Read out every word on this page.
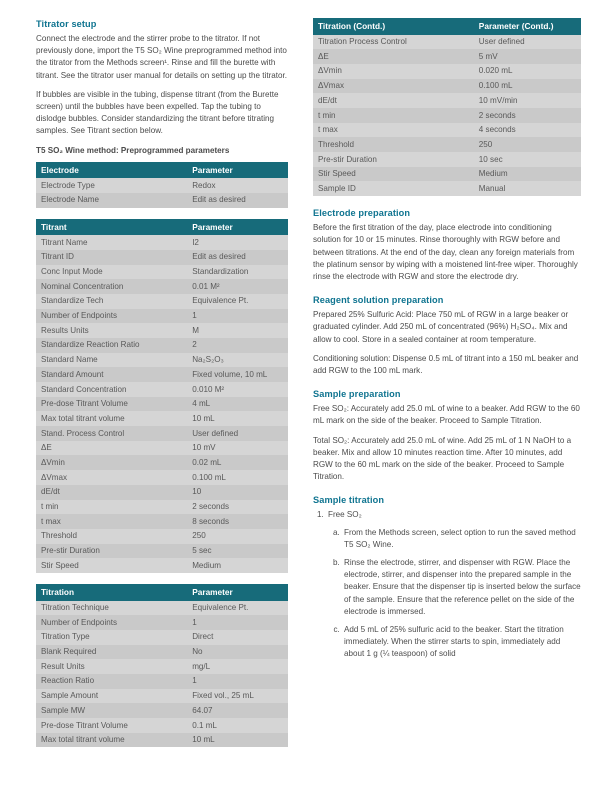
Titrator setup

Connect the electrode and the stirrer probe to the titrator. If not previously done, import the T5 SO₂ Wine preprogrammed method into the titrator from the Methods screen¹. Rinse and fill the burette with titrant. See the titrator user manual for details on setting up the titrator.

If bubbles are visible in the tubing, dispense titrant (from the Burette screen) until the bubbles have been expelled. Tap the tubing to dislodge bubbles. Consider standardizing the titrant before titrating samples. See Titrant section below.

T5 SO₂ Wine method: Preprogrammed parameters

Electrode	Parameter
Electrode Type	Redox
Electrode Name	Edit as desired
Titrant	Parameter
Titrant Name	I2
Titrant ID	Edit as desired
Conc Input Mode	Standardization
Nominal Concentration	0.01 M²
Standardize Tech	Equivalence Pt.
Number of Endpoints	1
Results Units	M
Standardize Reaction Ratio	2
Standard Name	Na₂S₂O₃
Standard Amount	Fixed volume, 10 mL
Standard Concentration	0.010 M²
Pre-dose Titrant Volume	4 mL
Max total titrant volume	10 mL
Stand. Process Control	User defined
ΔE	10 mV
ΔVmin	0.02 mL
ΔVmax	0.100 mL
dE/dt	10
t min	2 seconds
t max	8 seconds
Threshold	250
Pre-stir Duration	5 sec
Stir Speed	Medium
Titration	Parameter
Titration Technique	Equivalence Pt.
Number of Endpoints	1
Titration Type	Direct
Blank Required	No
Result Units	mg/L
Reaction Ratio	1
Sample Amount	Fixed vol., 25 mL
Sample MW	64.07
Pre-dose Titrant Volume	0.1 mL
Max total titrant volume	10 mL
Titration (Contd.)	Parameter (Contd.)
Titration Process Control	User defined
ΔE	5 mV
ΔVmin	0.020 mL
ΔVmax	0.100 mL
dE/dt	10 mV/min
t min	2 seconds
t max	4 seconds
Threshold	250
Pre-stir Duration	10 sec
Stir Speed	Medium
Sample ID	Manual
Electrode preparation

Before the first titration of the day, place electrode into conditioning solution for 10 or 15 minutes. Rinse thoroughly with RGW before and between titrations. At the end of the day, clean any foreign materials from the platinum sensor by wiping with a moistened lint-free wiper. Thoroughly rinse the electrode with RGW and store the electrode dry.

Reagent solution preparation

Prepared 25% Sulfuric Acid: Place 750 mL of RGW in a large beaker or graduated cylinder. Add 250 mL of concentrated (96%) H₂SO₄. Mix and allow to cool. Store in a sealed container at room temperature.

Conditioning solution: Dispense 0.5 mL of titrant into a 150 mL beaker and add RGW to the 100 mL mark.

Sample preparation

Free SO₂: Accurately add 25.0 mL of wine to a beaker. Add RGW to the 60 mL mark on the side of the beaker. Proceed to Sample Titration.

Total SO₂: Accurately add 25.0 mL of wine. Add 25 mL of 1 N NaOH to a beaker. Mix and allow 10 minutes reaction time. After 10 minutes, add RGW to the 60 mL mark on the side of the beaker. Proceed to Sample Titration.

Sample titration
1. Free SO₂
a. From the Methods screen, select option to run the saved method T5 SO₂ Wine.
b. Rinse the electrode, stirrer, and dispenser with RGW. Place the electrode, stirrer, and dispenser into the prepared sample in the beaker. Ensure that the dispenser tip is inserted below the surface of the sample. Ensure that the reference pellet on the side of the electrode is immersed.
c. Add 5 mL of 25% sulfuric acid to the beaker. Start the titration immediately. When the stirrer starts to spin, immediately add about 1 g (¼ teaspoon) of solid
